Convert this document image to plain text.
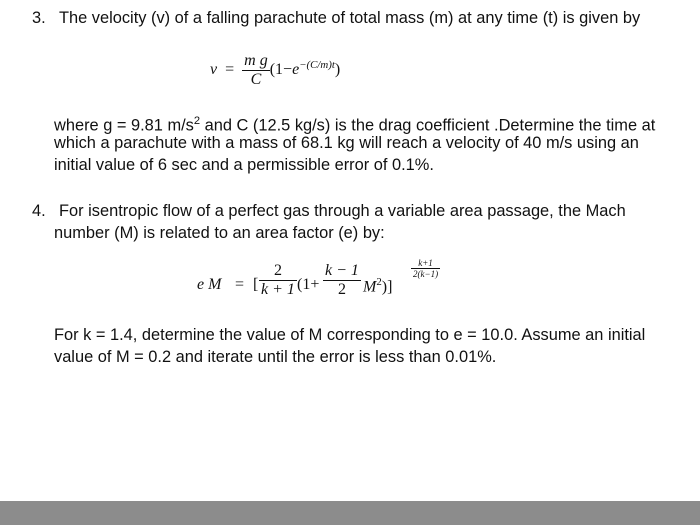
3. The velocity (v) of a falling parachute of total mass (m) at any time (t) is given by
$v = \frac{\text{m g}}{C} (1-e^{-(C/m)t})$
where g = 9.81 $m/s^2$ and C (12.5 kg/s) is the drag coefficient .Determine the time at
which a parachute with a mass of 68.1 kg will reach a velocity of 40 m/s using an
initial value of 6 sec and a permissible error of 0.1%.
4. For isentropic flow of a perfect gas through a variable area passage, the Mach
number (M) is related to an area factor (e) by:
e M = [ $\frac{2}{k + 1} (1+ \frac{k - 1}{2} M^2)$]
$\frac{k+1}{2(k-1)}$
For k = 1.4, determine the value of M corresponding to e = 10.0. Assume an initial
value of M = 0.2 and iterate until the error is less than 0.01%.
